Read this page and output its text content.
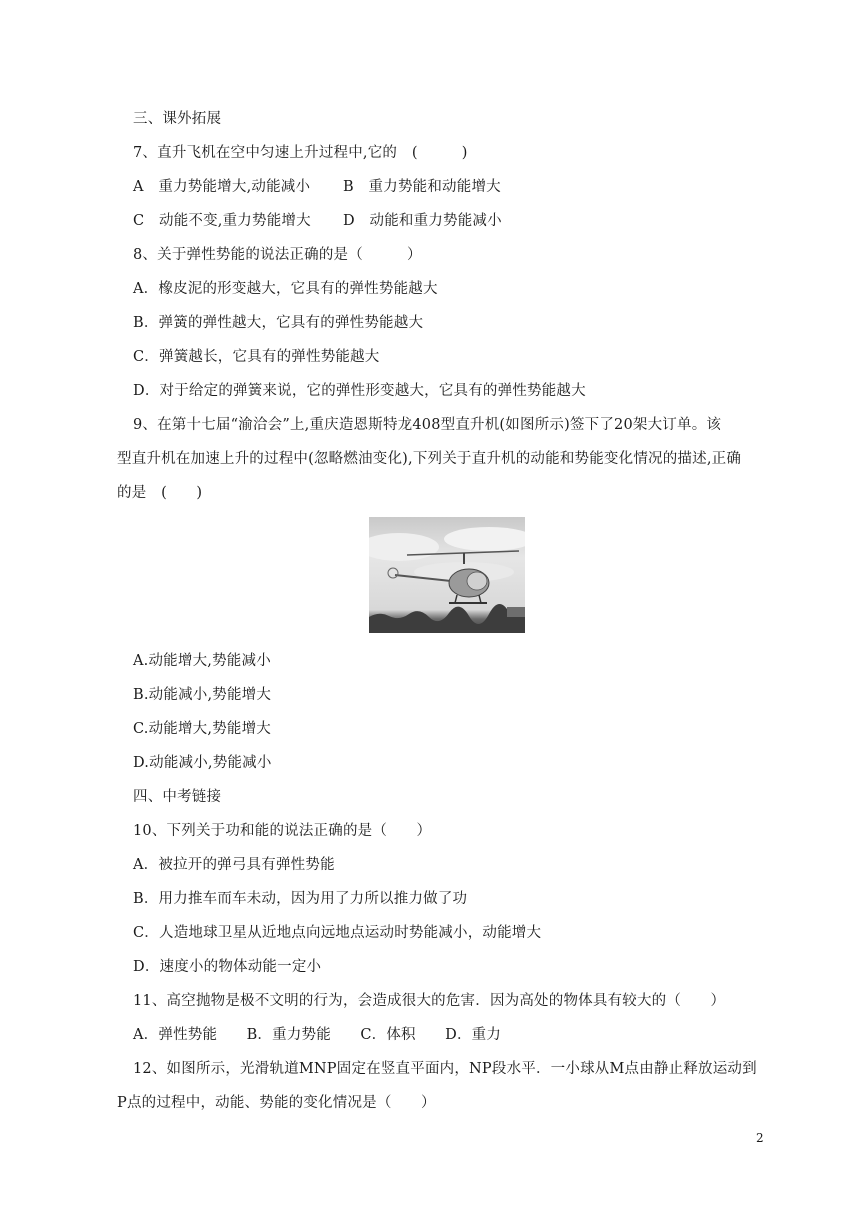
三、课外拓展
7、直升飞机在空中匀速上升过程中,它的　(　　　)
A　重力势能增大,动能减小 B　重力势能和动能增大
C　动能不变,重力势能增大 D　动能和重力势能减小
8、关于弹性势能的说法正确的是（　　　）
A．橡皮泥的形变越大，它具有的弹性势能越大
B．弹簧的弹性越大，它具有的弹性势能越大
C．弹簧越长，它具有的弹性势能越大
D．对于给定的弹簧来说，它的弹性形变越大，它具有的弹性势能越大
9、在第十七届“渝洽会”上,重庆造恩斯特龙408型直升机(如图所示)签下了20架大订单。该
型直升机在加速上升的过程中(忽略燃油变化),下列关于直升机的动能和势能变化情况的描述,正确
的是　(　　)
A.动能增大,势能减小
B.动能减小,势能增大
C.动能增大,势能增大
D.动能减小,势能减小
四、中考链接
10、下列关于功和能的说法正确的是（　　）
A．被拉开的弹弓具有弹性势能
B．用力推车而车未动，因为用了力所以推力做了功
C．人造地球卫星从近地点向远地点运动时势能减小，动能增大
D．速度小的物体动能一定小
11、高空抛物是极不文明的行为，会造成很大的危害．因为高处的物体具有较大的（　　）
A．弹性势能　　B．重力势能　　C．体积　　D．重力
12、如图所示，光滑轨道MNP固定在竖直平面内，NP段水平．一小球从M点由静止释放运动到
P点的过程中，动能、势能的变化情况是（　　）
2
